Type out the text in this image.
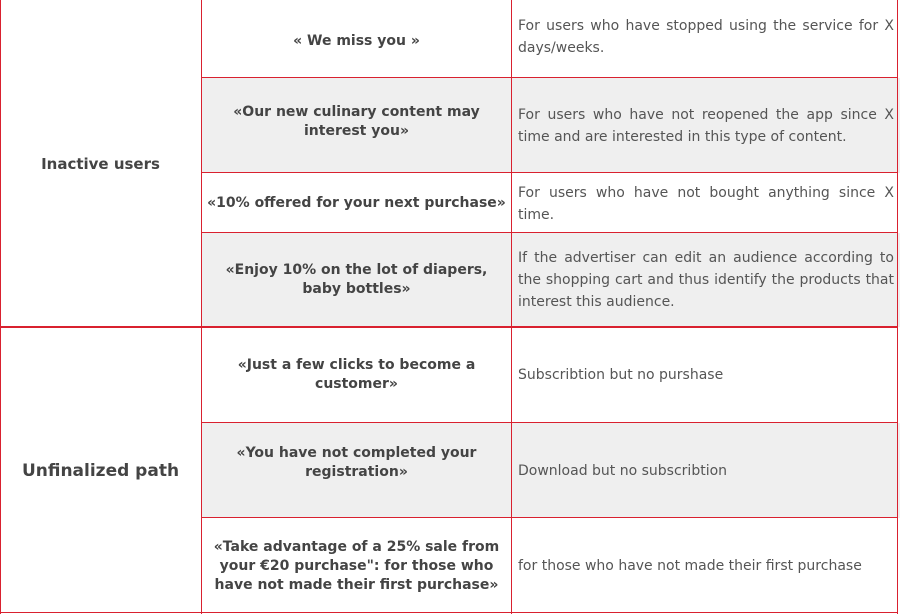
Inactive users
« We miss you »
For users who have stopped using the service for X days/weeks.
«Our new culinary content may interest you»
For users who have not reopened the app since X time and are interested in this type of content.
«10% offered for your next purchase»
For users who have not bought anything since X time.
«Enjoy 10% on the lot of diapers, baby bottles»
If the advertiser can edit an audience according to the shopping cart and thus identify the products that interest this audience.
Unfinalized path
«Just a few clicks to become a customer»
Subscribtion but no purshase
«You have not completed your registration»	Download but no subscribtion
«Take advantage of a 25% sale from your €20 purchase": for those who have not made their first purchase»
for those who have not made their first purchase
